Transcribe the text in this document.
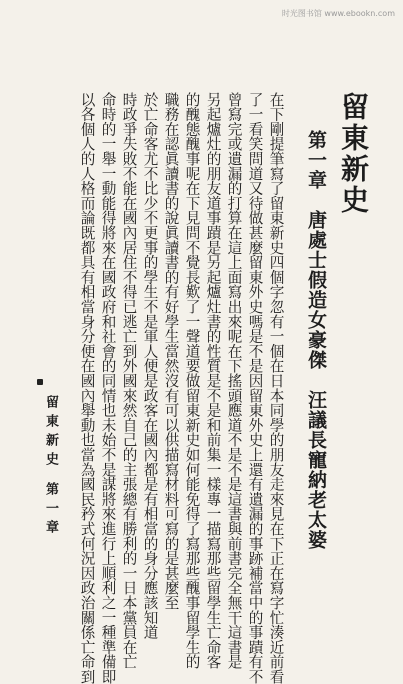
时光图书馆 www.ebookn.com
留東新史
第一章　唐處士假造女豪傑　汪議長寵納老太婆
在下剛提筆寫了留東新史四個字忽有一個在日本同學的朋友走來見在下正在寫字忙湊近前看
了一看笑問道又待做甚麼留東外史嗎是不是因留東外史上還有遺漏的事跡補當中的事蹟有不
曾寫完或遺漏的打算在這上面寫出來呢在下搖頭應道不是不是這書與前書完全無干這書是
另起爐灶的朋友道事蹟是另起爐灶書的性質是不是和前集一樣專一描寫那些留學生亡命客
的醜態醜事呢在下見問不覺長歎了一聲道要做留東新史如何能免得了寫那些醜事留學生的
職務在認眞讀書的說眞讀書的有好學生當然沒有可以供描寫材料可寫的是甚麼至
於亡命客尤不比少不更事的學生不是軍人便是政客在國內都是有相當的身分應該知道
時政爭失敗不能在國內居住不得已逃亡到外國來然自己的主張總有勝利的一日本黨員在亡
命時的一舉一動能得將來在國政府和社會的同情也未始不是謀將來進行上順利之一種準備即
以各個人的人格而論既都具有相當身分便在國內舉動也當為國民矜式何況因政治關係亡命到
留東新史
第一章
